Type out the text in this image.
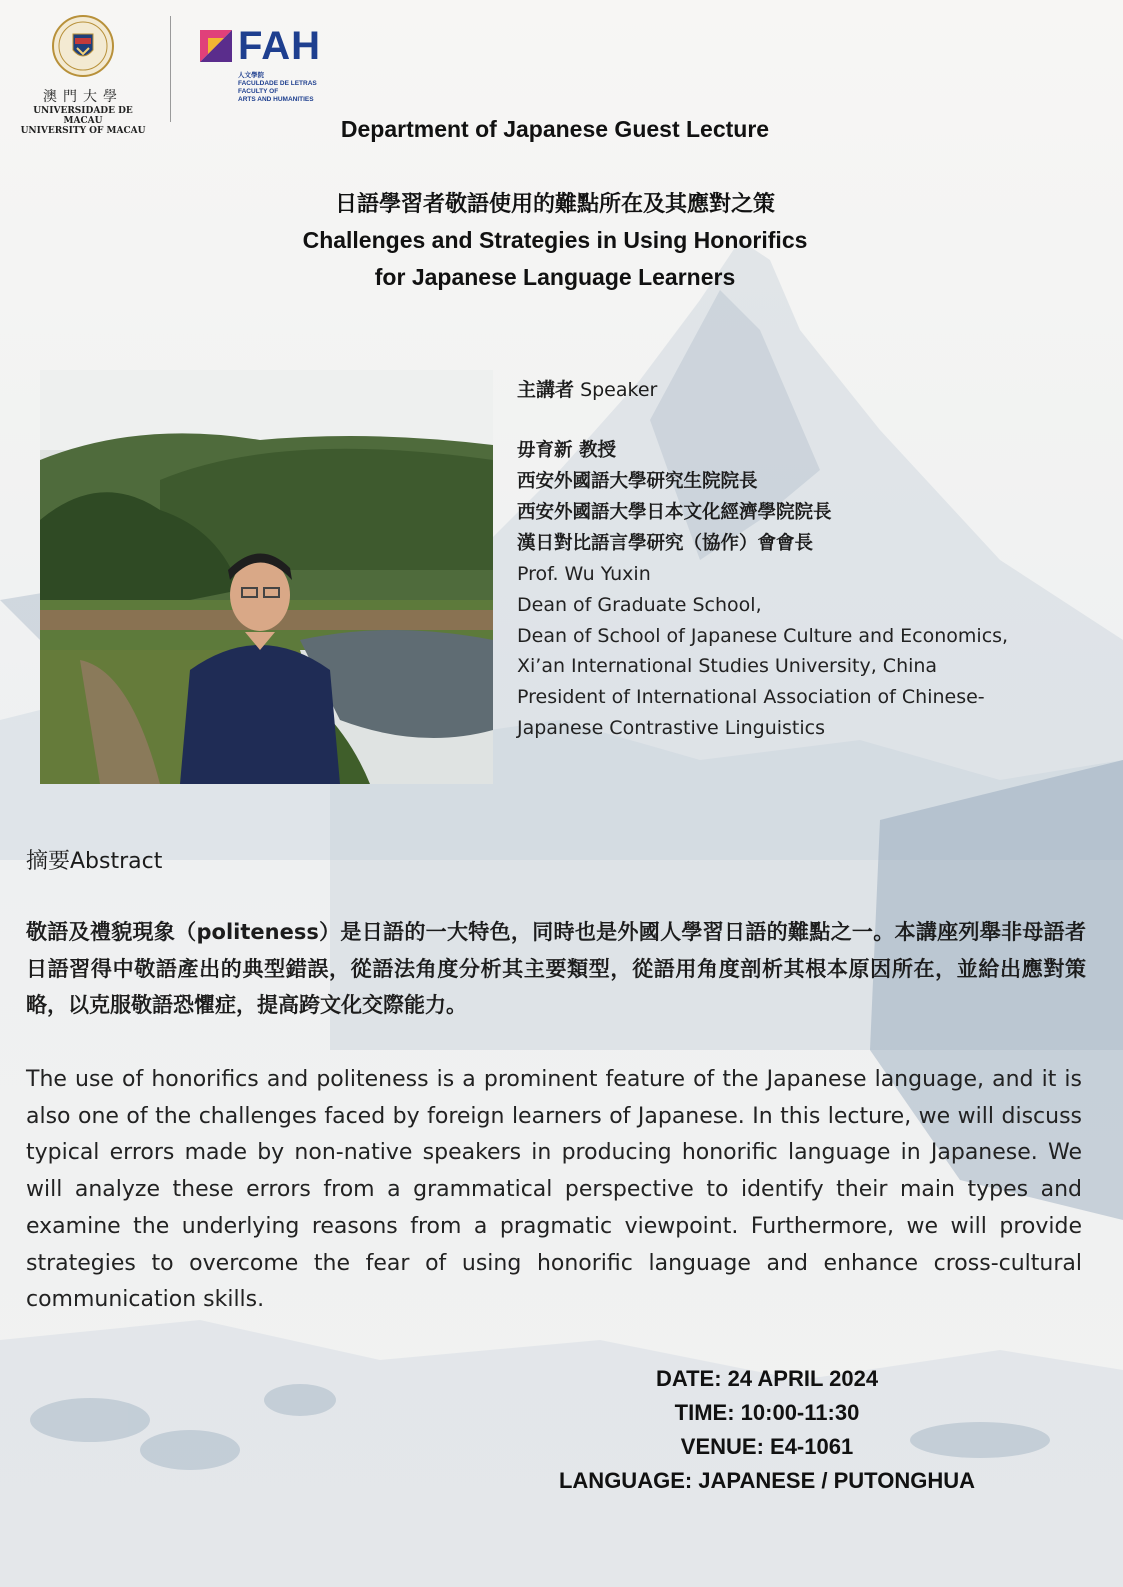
澳門大學
UNIVERSIDADE DE MACAU
UNIVERSITY OF MACAU
FAH
人文學院
FACULDADE DE LETRAS
FACULTY OF
ARTS AND HUMANITIES
Department of Japanese Guest Lecture
日語學習者敬語使用的難點所在及其應對之策
Challenges and Strategies in Using Honorifics
for Japanese Language Learners
主講者 Speaker
毋育新 教授
西安外國語大學研究生院院長
西安外國語大學日本文化經濟學院院長
漢日對比語言學研究（協作）會會長
Prof. Wu Yuxin
Dean of Graduate School,
Dean of School of Japanese Culture and Economics,
Xi’an International Studies University, China
President of International Association of Chinese-
Japanese Contrastive Linguistics
摘要Abstract
敬語及禮貌現象（politeness）是日語的一大特色，同時也是外國人學習日語的難點之一。本講座列舉非母語者日語習得中敬語產出的典型錯誤，從語法角度分析其主要類型，從語用角度剖析其根本原因所在，並給出應對策略，以克服敬語恐懼症，提高跨文化交際能力。
The use of honorifics and politeness is a prominent feature of the Japanese language, and it is also one of the challenges faced by foreign learners of Japanese. In this lecture, we will discuss typical errors made by non-native speakers in producing honorific language in Japanese. We will analyze these errors from a grammatical perspective to identify their main types and examine the underlying reasons from a pragmatic viewpoint. Furthermore, we will provide strategies to overcome the fear of using honorific language and enhance cross-cultural communication skills.
DATE: 24 APRIL 2024
TIME: 10:00-11:30
VENUE: E4-1061
LANGUAGE: JAPANESE / PUTONGHUA
